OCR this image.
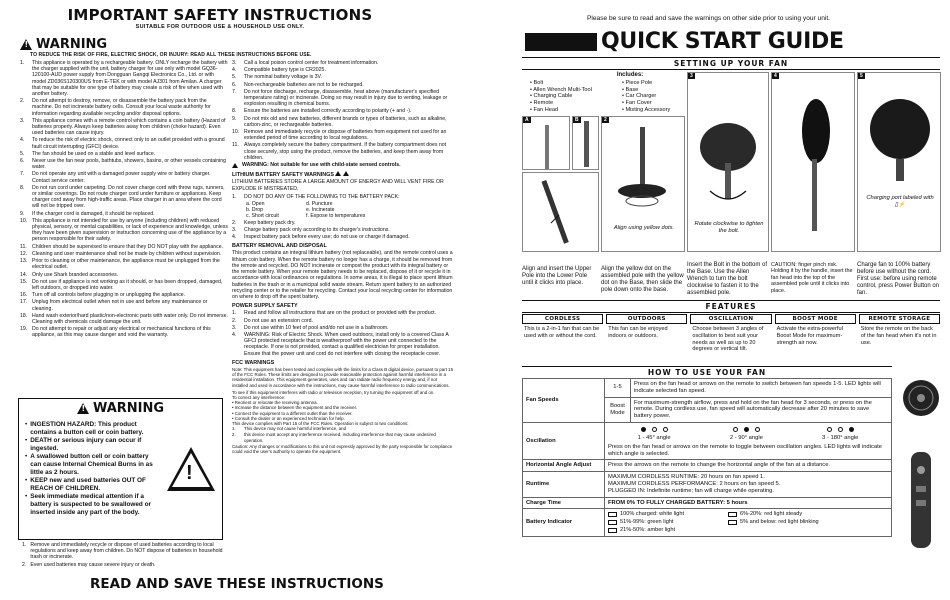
IMPORTANT SAFETY INSTRUCTIONS
SUITABLE FOR OUTDOOR USE & HOUSEHOLD USE ONLY.
!
WARNING
TO REDUCE THE RISK OF FIRE, ELECTRIC SHOCK, OR INJURY: READ ALL THESE INSTRUCTIONS BEFORE USE.
1.	This appliance is operated by a rechargeable battery. ONLY recharge the battery with the charger supplied with the unit, battery charger for use only with model GQ36-120100-AUD power supply from Dongguan Gangqi Electronics Co., Ltd. or with model ZD036S120300US from E-TEK or with model AJ301 from Amilan. A charger that may be suitable for one type of battery may create a risk of fire when used with another battery.
2.	Do not attempt to destroy, remove, or disassemble the battery pack from the machine. Do not incinerate battery cells. Consult your local waste authority for information regarding available recycling and/or disposal options.
3.	This appliance comes with a remote control which contains a coin battery (Hazard of batteries properly. Always keep batteries away from children (choke hazard). Even used batteries can cause injury.
4.	To reduce the risk of electric shock, connect only to an outlet provided with a ground fault circuit interrupting (GFCI) device.
5.	The fan should be used on a stable and level surface.
6.	Never use the fan near pools, bathtubs, showers, basins, or other vessels containing water.
7.	Do not operate any unit with a damaged power supply wire or battery charger. Contact service center.
8.	Do not run cord under carpeting. Do not cover charge cord with throw rugs, runners, or similar coverings. Do not route charger cord under furniture or appliances. Keep charger cord away from high-traffic areas. Place charger in an area where the cord will not be tripped over.
9.	If the charger cord is damaged, it should be replaced.
10. This appliance is not intended for use by anyone (including children) with reduced physical, sensory, or mental capabilities, or lack of experience and knowledge, unless they have been given supervision or instruction concerning use of the appliance by a person responsible for their safety.
11. Children should be supervised to ensure that they DO NOT play with the appliance.
12. Cleaning and user maintenance shall not be made by children without supervision.
13. Prior to cleaning or other maintenance, the appliance must be unplugged from the electrical outlet.
14. Only use Shark branded accessories.
15. Do not use if appliance is not working as it should, or has been dropped, damaged, left outdoors, or dropped into water.
16. Turn off all controls before plugging in or unplugging the appliance.
17. Unplug from electrical outlet when not in use and before any maintenance or cleaning.
18. Hand wash exterior/hard plastic/non-electronic parts with water only. Do not immerse. Cleaning with chemicals could damage the unit.
19. Do not attempt to repair or adjust any electrical or mechanical functions of this appliance, as this may cause danger and void the warranty.
3.	Call a local poison control center for treatment information.
4.	Compatible battery type is CR2025.
5.	The nominal battery voltage is 3V.
6.	Non-rechargeable batteries are not to be recharged.
7.	Do not force discharge, recharge, disassemble, heat above (manufacturer's specified temperature rating) or incinerate. Doing so may result in injury due to venting, leakage or explosion resulting in chemical burns.
8.	Ensure the batteries are installed correctly according to polarity (+ and -).
9.	Do not mix old and new batteries, different brands or types of batteries, such as alkaline, carbon-zinc, or rechargeable batteries.
10. Remove and immediately recycle or dispose of batteries from equipment not used for an extended period of time according to local regulations.
11. Always completely secure the battery compartment. If the battery compartment does not close securely, stop using the product, remove the batteries, and keep them away from children.
WARNING: Not suitable for use with child-state sensed controls.
LITHIUM BATTERY SAFETY WARNINGS
LITHIUM BATTERIES STORE A LARGE AMOUNT OF ENERGY AND WILL VENT FIRE OR EXPLODE IF MISTREATED.
1.	DO NOT DO ANY OF THE FOLLOWING TO THE BATTERY PACK:
a. Open	d. Puncture
b. Drop	e. Incinerate
c. Short circuit	f. Expose to temperatures
2.	Keep battery pack dry.
3.	Charge battery pack only according to its charger's instructions.
4.	Inspect battery pack before every use; do not use or charge if damaged.
BATTERY REMOVAL AND DISPOSAL
This product contains an integral lithium battery (not replaceable), and the remote control uses a lithium coin battery. When the remote battery no longer has a charge, it should be removed from the remote and recycled. DO NOT incinerate or compost the product with its integral battery or the remote battery. When your remote battery needs to be replaced, dispose of it or recycle it in accordance with local ordinances or regulations. In some areas, it is illegal to place spent lithium batteries in the trash or in a municipal solid waste stream. Return spent battery to an authorized recycling center or to the retailer for recycling. Contact your local recycling center for information on where to drop off the spent battery.
POWER SUPPLY SAFETY
1.	Read and follow all instructions that are on the product or provided with the product.
2.	Do not use an extension cord.
3.	Do not use within 10 feet of pool and/do not use in a bathroom.
4.	WARNING: Risk of Electric Shock. When used outdoors, install only to a covered Class A GFCI protected receptacle that is weatherproof with the power unit connected to the receptacle. If one is not provided, contact a qualified electrician for proper installation. Ensure that the power unit and cord do not interfere with closing the receptacle cover.
FCC WARNINGS
Note: This equipment has been tested and complies with the limits for a Class B digital device, pursuant to part 15 of the FCC Rules. These limits are designed to provide reasonable protection against harmful interference in a residential installation. This equipment generates, uses and can radiate radio frequency energy and, if not installed and used in accordance with the instructions, may cause harmful interference to radio communications.
To see if this equipment interferes with radio or television reception, try turning the equipment off and on.
To correct any interference:
• Reorient or relocate the receiving antenna.
• Increase the distance between the equipment and the receiver.
• Connect the equipment to a different outlet than the receiver.
• Consult the dealer or an experienced technician for help.
This device complies with Part 15 of the FCC Rules. Operation is subject to two conditions:
1.	This device may not cause harmful interference, and
2.	this device must accept any interference received, including interference that may cause undesired operation.
Caution: Any changes or modifications to this unit not expressly approved by the party responsible for compliance could void the user's authority to operate the equipment.
!
WARNING
• INGESTION HAZARD: This product contains a button cell or coin battery.
• DEATH or serious injury can occur if ingested.
• A swallowed button cell or coin battery can cause Internal Chemical Burns in as little as 2 hours.
• KEEP new and used batteries OUT OF REACH OF CHILDREN.
• Seek immediate medical attention if a battery is suspected to be swallowed or inserted inside any part of the body.
!
1. Remove and immediately recycle or dispose of used batteries according to local regulations and keep away from children. Do NOT dispose of batteries in household trash or incinerate.
2. Even used batteries may cause severe injury or death.
READ AND SAVE THESE INSTRUCTIONS
Please be sure to read and save the warnings on other side prior to using your unit.
QUICK START GUIDE
SETTING UP YOUR FAN
Includes:
• Bolt	• Piece Pole
• Allen Wrench Multi-Tool	• Base
• Charging Cable	• Car Charger
• Remote	• Fan Cover
• Fan Head	• Misting Accessory
A	B	2
Align using yellow dots.
3
Rotate clockwise to tighten the bolt.
4	5
Charging port labeled with
▯⚡
Align and insert the Upper Pole into the Lower Pole until it clicks into place.
Align the yellow dot on the assembled pole with the yellow dot on the Base, then slide the pole down onto the base.
Insert the Bolt in the bottom of the Base. Use the Allen Wrench to turn the bolt clockwise to fasten it to the assembled pole.
CAUTION: finger pinch risk. Holding it by the handle, insert the fan head into the top of the assembled pole until it clicks into place.
Charge fan to 100% battery before use without the cord. First use: before using remote control, press Power Button on fan.
FEATURES
CORDLESS
This is a 2-in-1 fan that can be used with or without the cord.
OUTDOORS
This fan can be enjoyed indoors or outdoors.
OSCILLATION
Choose between 3 angles of oscillation to best suit your needs as well as up to 20 degrees or vertical tilt.
BOOST MODE
Activate the extra-powerful Boost Mode for maximum-strength air now.
REMOTE STORAGE
Store the remote on the back of the fan head when it's not in use.
HOW TO USE YOUR FAN
Fan Speeds	1-5	Press on the fan head or arrows on the remote to switch between fan speeds 1-5. LED lights will indicate selected fan speed.
	Boost Mode	For maximum-strength airflow, press and hold on the fan head for 3 seconds, or press on the remote. During cordless use, fan speed will automatically decrease after 20 minutes to save battery power.
Oscillation	1 - 45° angle 2 - 90° angle 3 - 180° angle
Press on the fan head or arrows on the remote to toggle between oscillation angles. LED lights will indicate which angle is selected.	

Horizontal Angle Adjust	Press the arrows on the remote to change the horizontal angle of the fan at a distance.	
Runtime	MAXIMUM CORDLESS RUNTIME: 20 hours on fan speed 1.
MAXIMUM CORDLESS PERFORMANCE: 2 hours on fan speed 5.
PLUGGED IN: Indefinite runtime; fan will charge while operating.	

Charge Time	FROM 0% TO FULLY CHARGED BATTERY: 5 hours	
Battery Indicator	100% charged: white light 6%-20%: red light steady
51%-99%: green light 5% and below: red light blinking
21%-50%: amber light	
